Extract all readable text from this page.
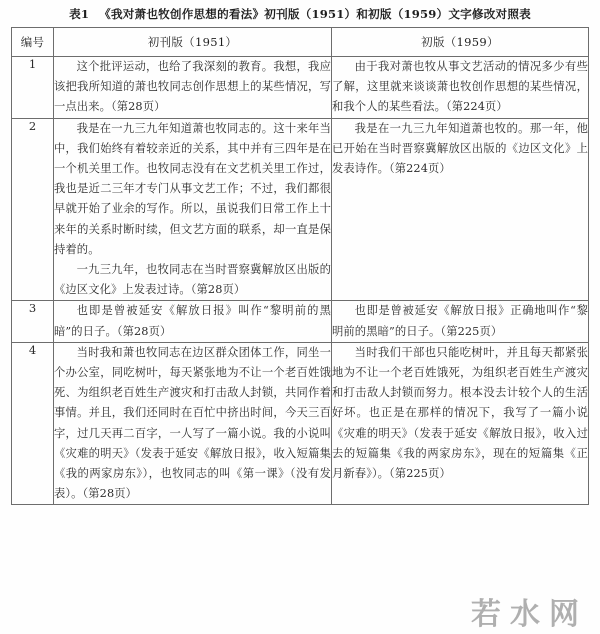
表1 《我对萧也牧创作思想的看法》初刊版（1951）和初版（1959）文字修改对照表
编号	初刊版（1951）	初版（1959）
1	这个批评运动，也给了我深刻的教育。我想，我应该把我所知道的萧也牧同志创作思想上的某些情况，写一点出来。（第28页）	由于我对萧也牧从事文艺活动的情况多少有些了解，这里就来谈谈萧也牧创作思想的某些情况，和我个人的某些看法。（第224页）

2	我是在一九三九年知道萧也牧同志的。这十来年当中，我们始终有着较亲近的关系，其中并有三四年是在一个机关里工作。也牧同志没有在文艺机关里工作过，我也是近二三年才专门从事文艺工作；不过，我们都很早就开始了业余的写作。所以，虽说我们日常工作上十来年的关系时断时续，但文艺方面的联系，却一直是保持着的。

一九三九年，也牧同志在当时晋察冀解放区出版的《边区文化》上发表过诗。（第28页）	我是在一九三九年知道萧也牧的。那一年，他已开始在当时晋察冀解放区出版的《边区文化》上发表诗作。（第224页）

3	也即是曾被延安《解放日报》叫作“黎明前的黑暗”的日子。（第28页）	也即是曾被延安《解放日报》正确地叫作“黎明前的黑暗”的日子。（第225页）

4	当时我和萧也牧同志在边区群众团体工作，同坐一个办公室，同吃树叶，每天紧张地为不让一个老百姓饿死、为组织老百姓生产渡灾和打击敌人封锁，共同作着事情。并且，我们还同时在百忙中挤出时间，今天三百字，过几天再二百字，一人写了一篇小说。我的小说叫《灾难的明天》（发表于延安《解放日报》，收入短篇集《我的两家房东》），也牧同志的叫《第一课》（没有发表）。（第28页）	当时我们干部也只能吃树叶，并且每天都紧张地为不让一个老百姓饿死，为组织老百姓生产渡灾和打击敌人封锁而努力。根本没去计较个人的生活好坏。也正是在那样的情况下，我写了一篇小说《灾难的明天》（发表于延安《解放日报》，收入过去的短篇集《我的两家房东》，现在的短篇集《正月新春》）。（第225页）

若水网
